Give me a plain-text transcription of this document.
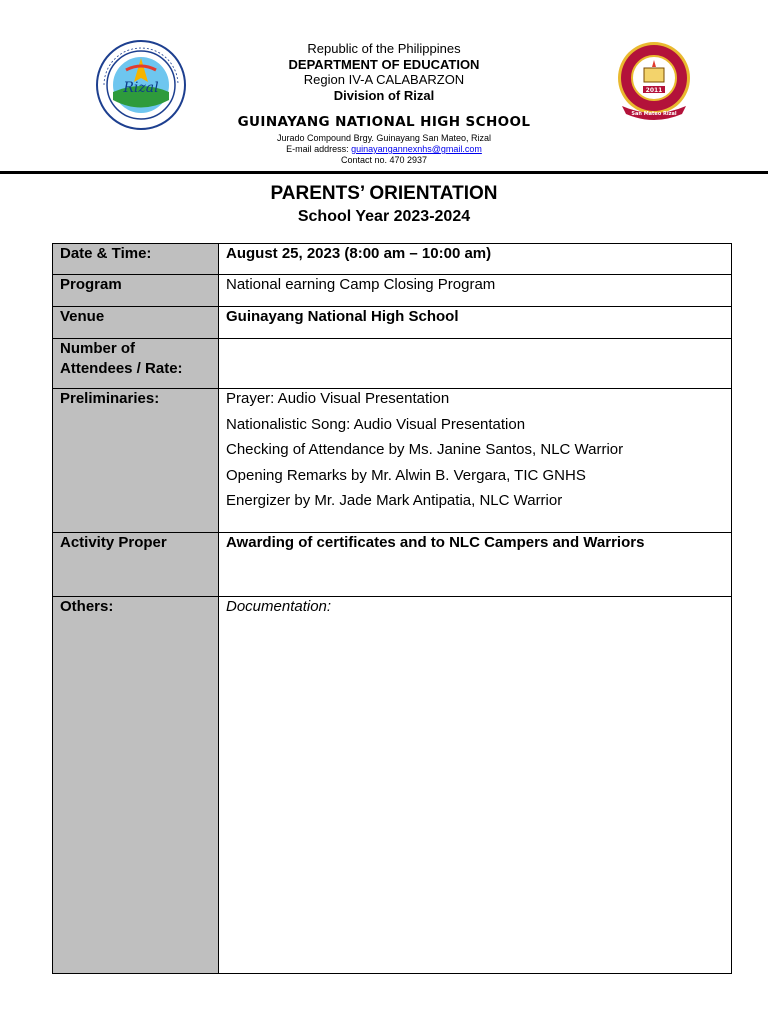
Rizal
Republic of the Philippines
DEPARTMENT OF EDUCATION
Region IV-A CALABARZON
Division of Rizal
GUINAYANG NATIONAL HIGH SCHOOL
Jurado Compound Brgy. Guinayang San Mateo, Rizal
E-mail address: guinayangannexnhs@gmail.com
Contact no. 470 2937
2011
San Mateo Rizal
PARENTS’ ORIENTATION
School Year 2023-2024
Date & Time:	August 25, 2023 (8:00 am – 10:00 am)
Program	National earning Camp Closing Program
Venue	Guinayang National High School

Number of
Attendees / Rate:	

Preliminaries:	Prayer: Audio Visual Presentation
Nationalistic Song: Audio Visual Presentation
Checking of Attendance by Ms. Janine Santos, NLC Warrior
Opening Remarks by Mr. Alwin B. Vergara, TIC GNHS
Energizer by Mr. Jade Mark Antipatia, NLC Warrior

Activity Proper	Awarding of certificates and to NLC Campers and Warriors
Others:	Documentation:
